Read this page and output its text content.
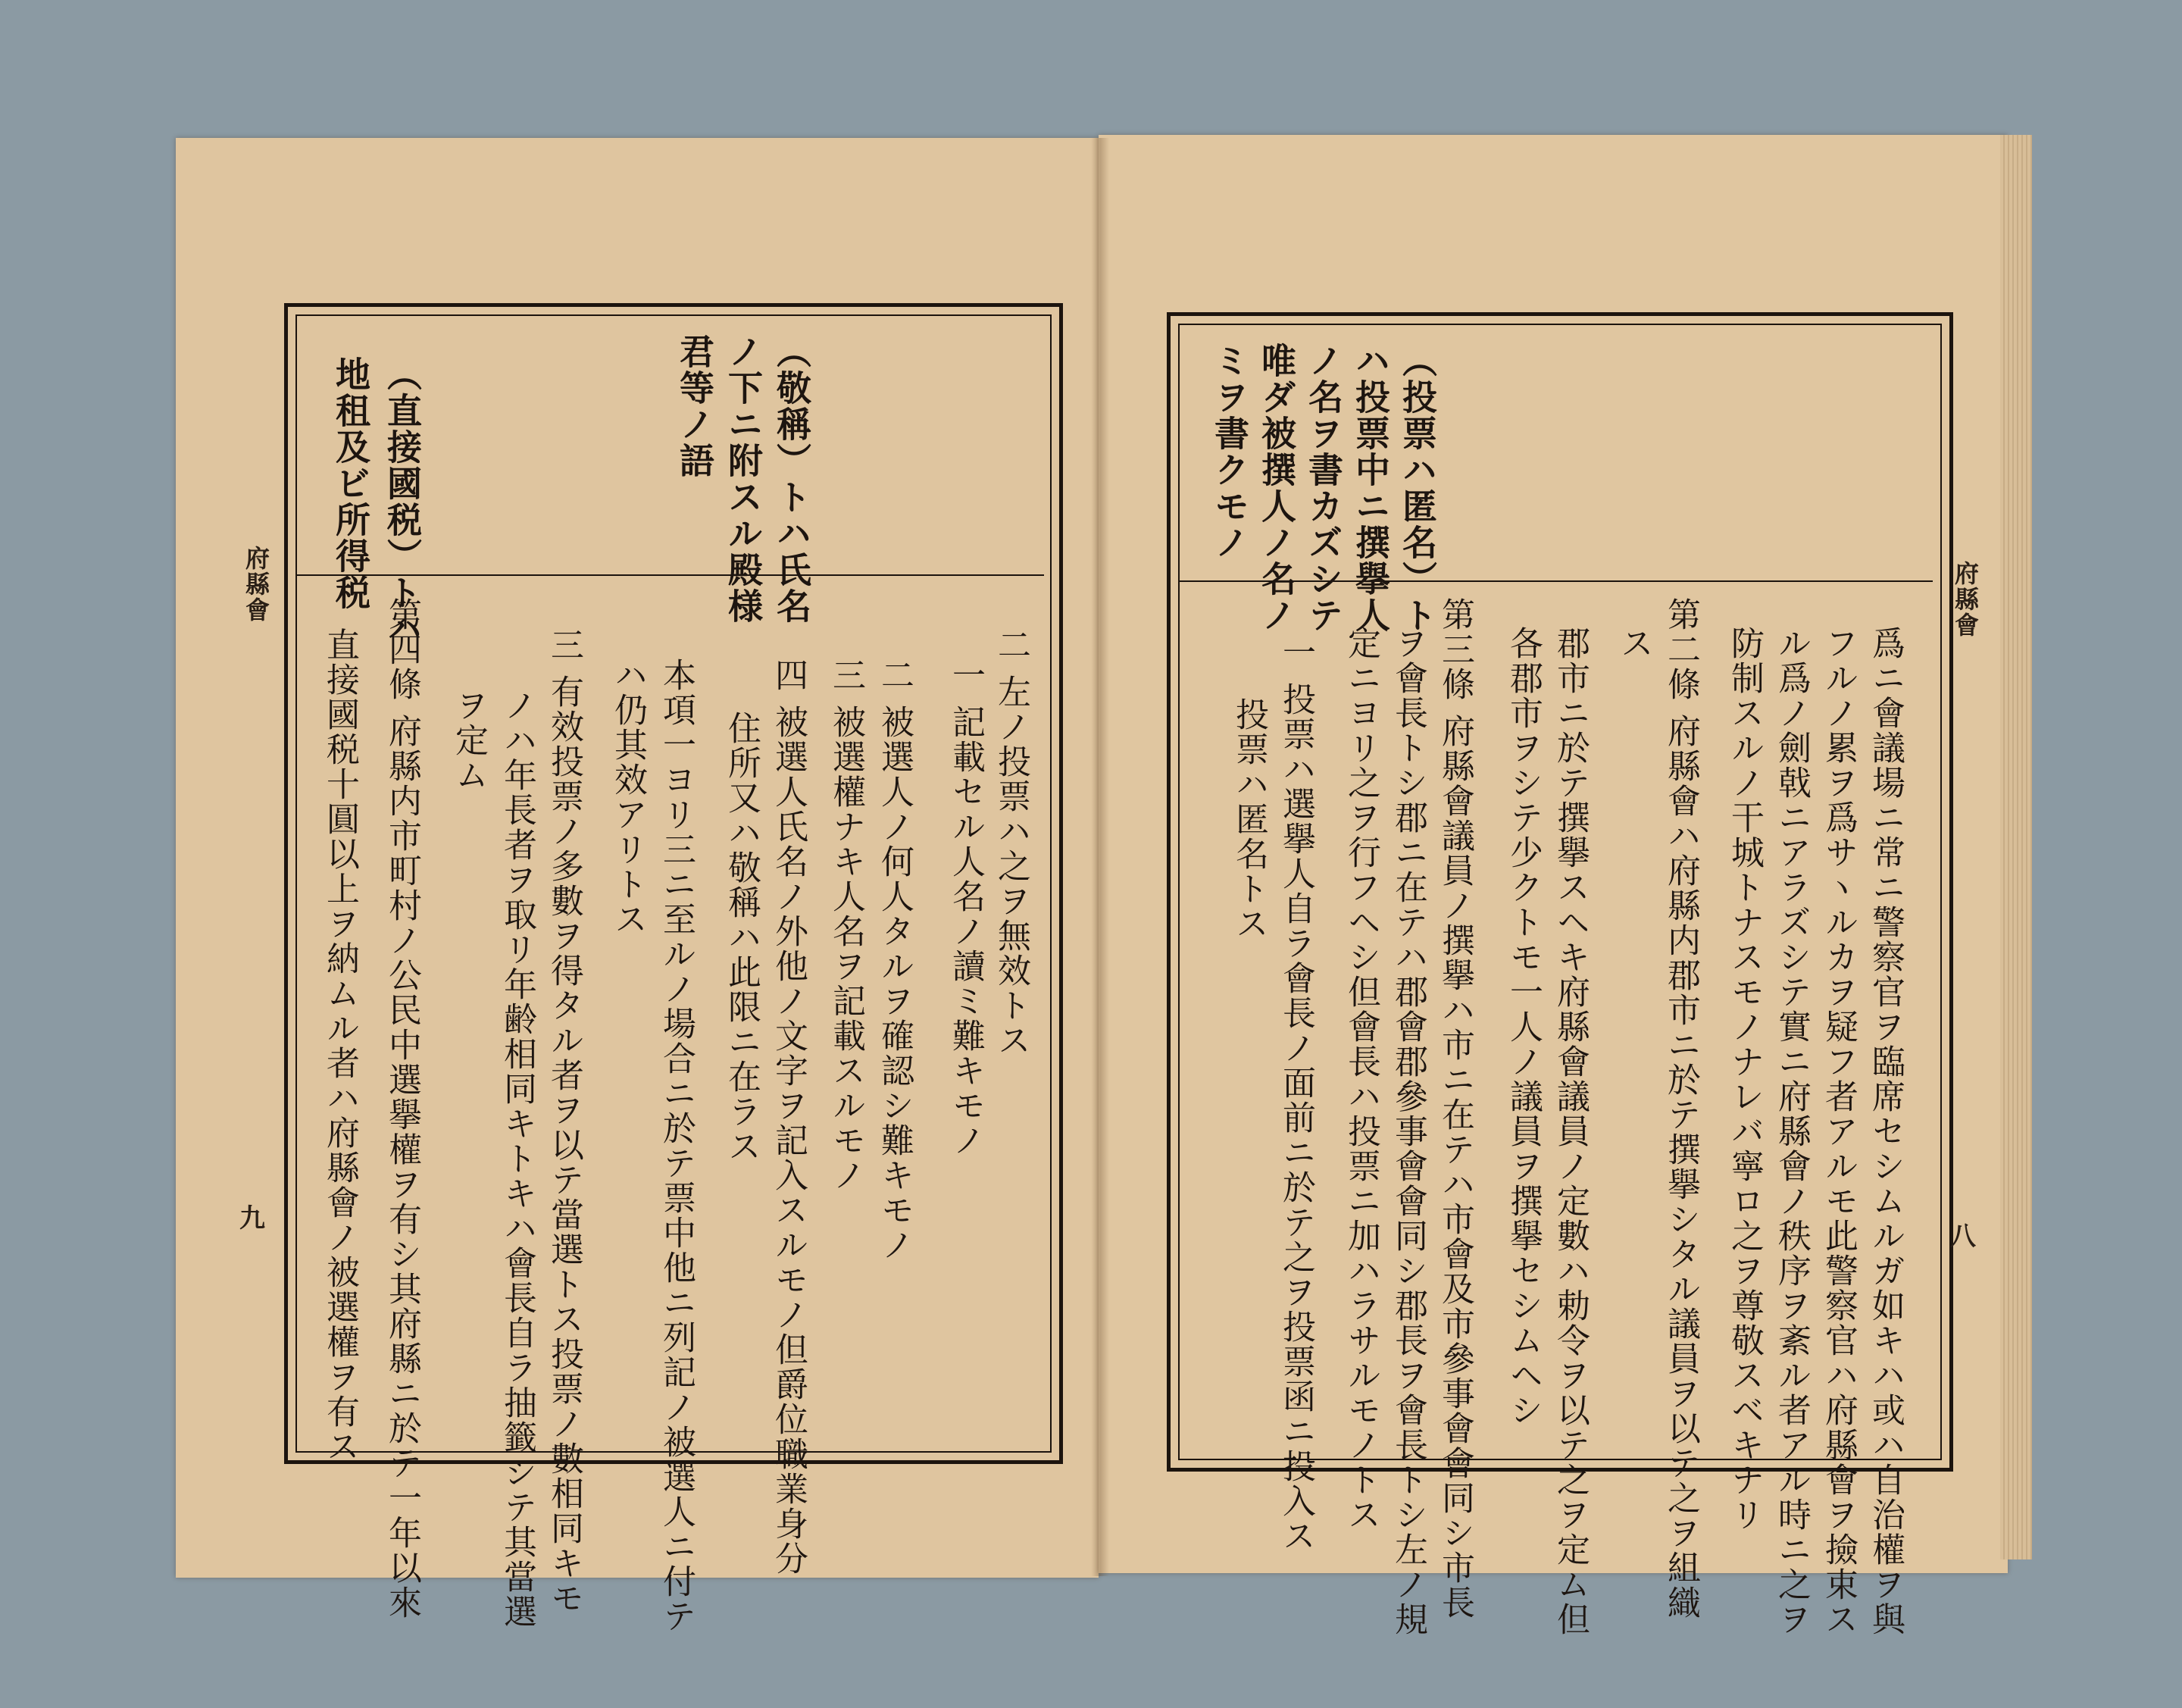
府縣會
九
（直接國税）トハ
地租及ビ所得税	（敬稱）トハ氏名
ノ下ニ附スル殿様
君等ノ語
二 左ノ投票ハ之ヲ無效トス
一 記載セル人名ノ讀ミ難キモノ
二 被選人ノ何人タルヲ確認シ難キモノ
三 被選權ナキ人名ヲ記載スルモノ
四 被選人氏名ノ外他ノ文字ヲ記入スルモノ但爵位職業身分
住所又ハ敬稱ハ此限ニ在ラス
本項一ヨリ三ニ至ルノ場合ニ於テ票中他ニ列記ノ被選人ニ付テ
ハ仍其效アリトス
三 有效投票ノ多數ヲ得タル者ヲ以テ當選トス投票ノ數相同キモ
ノハ年長者ヲ取リ年齢相同キトキハ會長自ラ抽籤シテ其當選
ヲ定ム
第四條 府縣内市町村ノ公民中選擧權ヲ有シ其府縣ニ於テ一年以來
直接國税十圓以上ヲ納ムル者ハ府縣會ノ被選權ヲ有ス
府縣會
八
（投票ハ匿名）ト
ハ投票中ニ撰擧人
ノ名ヲ書カズシテ
唯ダ被撰人ノ名ノ
ミヲ書クモノ
爲ニ會議場ニ常ニ警察官ヲ臨席セシムルガ如キハ或ハ自治權ヲ與
フルノ累ヲ爲サヽルカヲ疑フ者アルモ此警察官ハ府縣會ヲ撿束ス
ル爲ノ劍戟ニアラズシテ實ニ府縣會ノ秩序ヲ紊ル者アル時ニ之ヲ
防制スルノ干城トナスモノナレバ寧ロ之ヲ尊敬スベキナリ
第二條 府縣會ハ府縣内郡市ニ於テ撰擧シタル議員ヲ以テ之ヲ組織
ス
郡市ニ於テ撰擧スヘキ府縣會議員ノ定數ハ勅令ヲ以テ之ヲ定ム但
各郡市ヲシテ少クトモ一人ノ議員ヲ撰擧セシムヘシ
第三條 府縣會議員ノ撰擧ハ市ニ在テハ市會及市參事會會同シ市長
ヲ會長トシ郡ニ在テハ郡會郡參事會會同シ郡長ヲ會長トシ左ノ規
定ニヨリ之ヲ行フヘシ但會長ハ投票ニ加ハラサルモノトス
一 投票ハ選擧人自ラ會長ノ面前ニ於テ之ヲ投票函ニ投入ス
投票ハ匿名トス
